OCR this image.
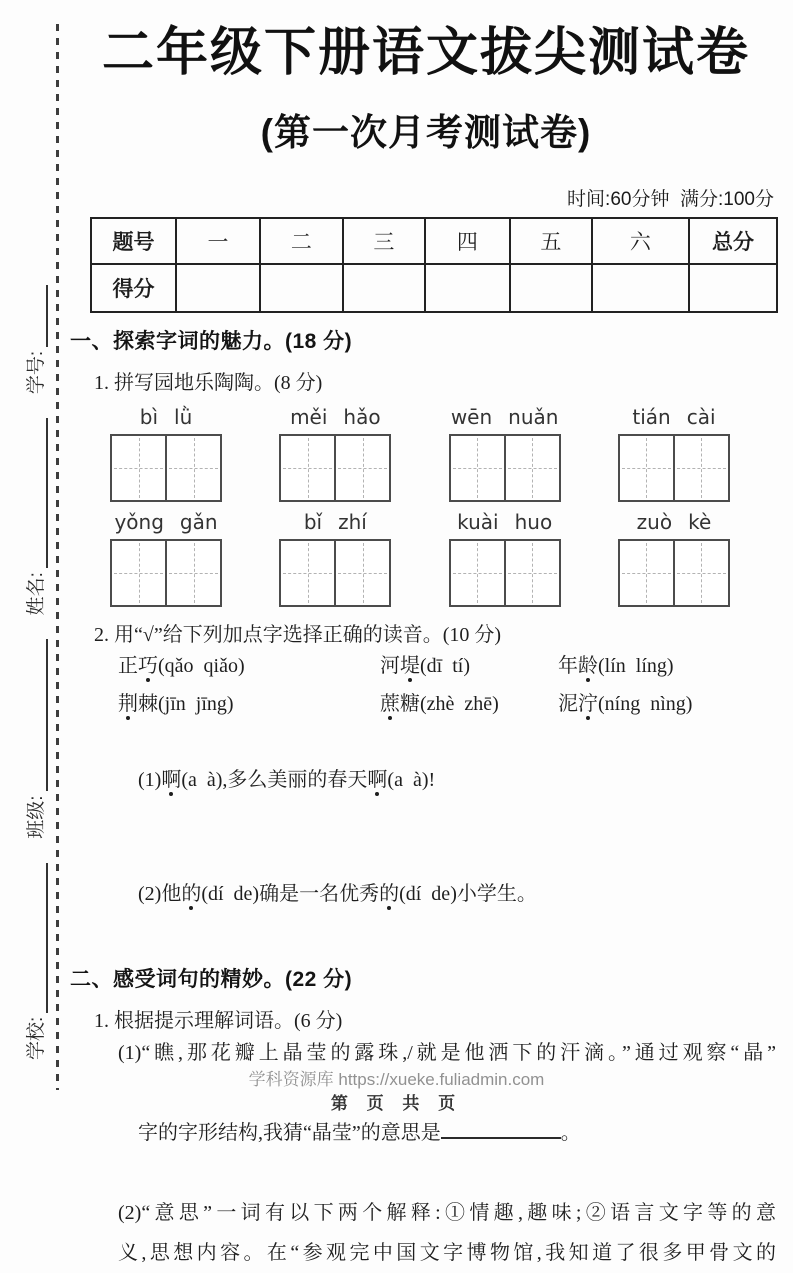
学校:
班级:
姓名:
学号:
二年级下册语文拔尖测试卷
(第一次月考测试卷)
时间:60分钟  满分:100分
题号	一	二	三	四	五	六	总分
得分							
一、探索字词的魅力。(18 分)
1. 拼写园地乐陶陶。(8 分)
bì lǜ	měi hǎo	wēn nuǎn	tián cài
yǒng gǎn	bǐ zhí	kuài huo	zuò kè
2. 用“√”给下列加点字选择正确的读音。(10 分)
正巧(qǎo  qiǎo)	河堤(dī  tí)	年龄(lín  líng)
荆棘(jīn  jīng)	蔗糖(zhè  zhē)	泥泞(níng  nìng)

(1)啊(a  à),多么美丽的春天啊(a  à)!

(2)他的(dí  de)确是一名优秀的(dí  de)小学生。

二、感受词句的精妙。(22 分)
1. 根据提示理解词语。(6 分)
(1)“瞧,那花瓣上晶莹的露珠,/就是他洒下的汗滴。”通过观察“晶”

字的字形结构,我猜“晶莹”的意思是	。

(2)“意思”一词有以下两个解释:①情趣,趣味;②语言文字等的意
义,思想内容。在“参观完中国文字博物馆,我知道了很多甲骨文的
学科资源库 https://xueke.fuliadmin.com
第 页 共 页
